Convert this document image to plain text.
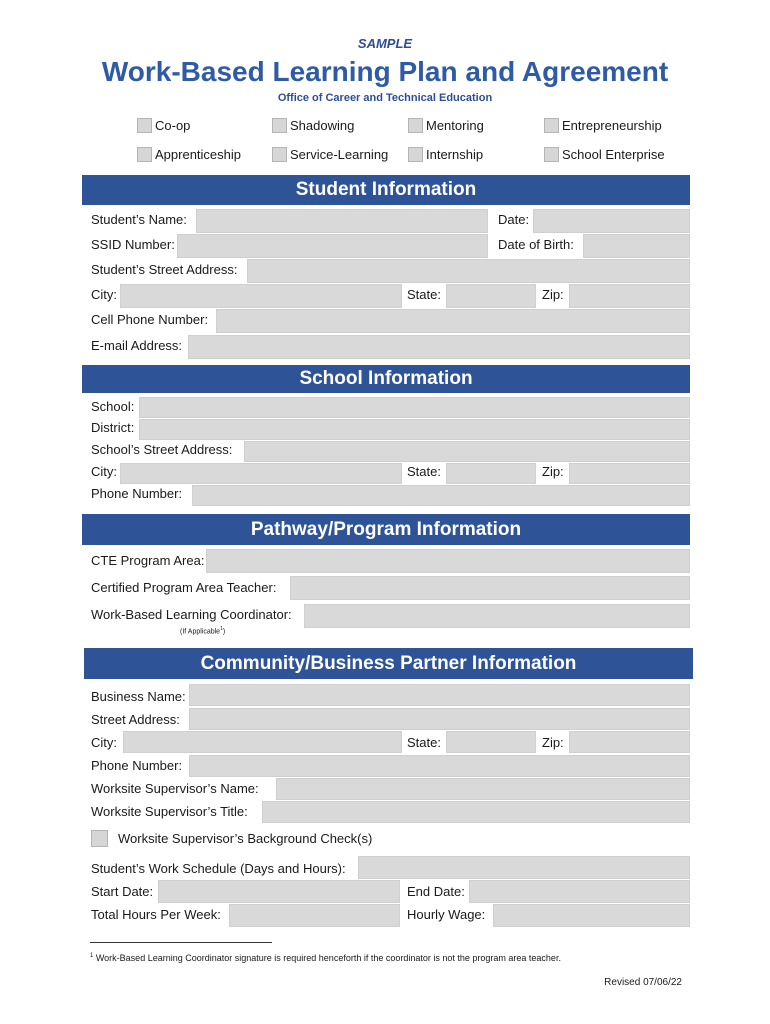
SAMPLE
Work-Based Learning Plan and Agreement
Office of Career and Technical Education
Co-op	Shadowing	Mentoring	Entrepreneurship
Apprenticeship	Service-Learning	Internship	School Enterprise
Student Information
Student’s Name:	Date:
SSID Number:	Date of Birth:
Student’s Street Address:
City:	State:	Zip:
Cell Phone Number:
E-mail Address:
School Information
School:
District:
School’s Street Address:
City:	State:	Zip:
Phone Number:
Pathway/Program Information
CTE Program Area:
Certified Program Area Teacher:
Work-Based Learning Coordinator:
(If Applicable$^1$)
Community/Business Partner Information
Business Name:
Street Address:
City:	State:	Zip:
Phone Number:
Worksite Supervisor’s Name:
Worksite Supervisor’s Title:
Worksite Supervisor’s Background Check(s)
Student’s Work Schedule (Days and Hours):
Start Date:	End Date:
Total Hours Per Week:	Hourly Wage:
$^1$ Work-Based Learning Coordinator signature is required henceforth if the coordinator is not the program area teacher.
Revised 07/06/22
